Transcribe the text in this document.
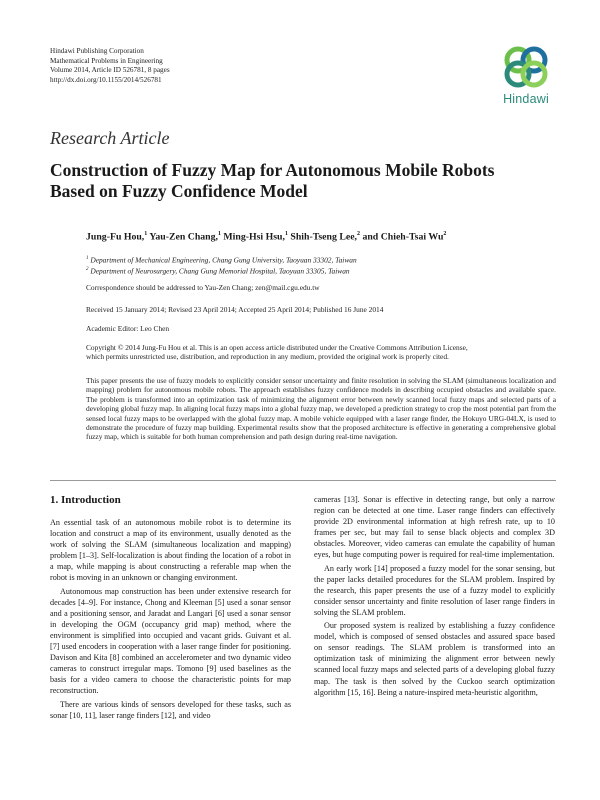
Hindawi Publishing Corporation
Mathematical Problems in Engineering
Volume 2014, Article ID 526781, 8 pages
http://dx.doi.org/10.1155/2014/526781
Hindawi
Research Article
Construction of Fuzzy Map for Autonomous Mobile Robots
Based on Fuzzy Confidence Model
Jung-Fu Hou,$^1$ Yau-Zen Chang,$^1$ Ming-Hsi Hsu,$^1$ Shih-Tseng Lee,$^2$ and Chieh-Tsai Wu$^2$
$^1$ Department of Mechanical Engineering, Chang Gung University, Taoyuan 33302, Taiwan
$^2$ Department of Neurosurgery, Chang Gung Memorial Hospital, Taoyuan 33305, Taiwan
Correspondence should be addressed to Yau-Zen Chang; zen@mail.cgu.edu.tw
Received 15 January 2014; Revised 23 April 2014; Accepted 25 April 2014; Published 16 June 2014
Academic Editor: Leo Chen
Copyright © 2014 Jung-Fu Hou et al. This is an open access article distributed under the Creative Commons Attribution License,
which permits unrestricted use, distribution, and reproduction in any medium, provided the original work is properly cited.
This paper presents the use of fuzzy models to explicitly consider sensor uncertainty and finite resolution in solving the SLAM (simultaneous localization and mapping) problem for autonomous mobile robots. The approach establishes fuzzy confidence models in describing occupied obstacles and available space. The problem is transformed into an optimization task of minimizing the alignment error between newly scanned local fuzzy maps and selected parts of a developing global fuzzy map. In aligning local fuzzy maps into a global fuzzy map, we developed a prediction strategy to crop the most potential part from the sensed local fuzzy maps to be overlapped with the global fuzzy map. A mobile vehicle equipped with a laser range finder, the Hokuyo URG-04LX, is used to demonstrate the procedure of fuzzy map building. Experimental results show that the proposed architecture is effective in generating a comprehensive global fuzzy map, which is suitable for both human comprehension and path design during real-time navigation.
1. Introduction

An essential task of an autonomous mobile robot is to determine its location and construct a map of its environment, usually denoted as the work of solving the SLAM (simultaneous localization and mapping) problem [1–3]. Self-localization is about finding the location of a robot in a map, while mapping is about constructing a referable map when the robot is moving in an unknown or changing environment.

Autonomous map construction has been under extensive research for decades [4–9]. For instance, Chong and Kleeman [5] used a sonar sensor and a positioning sensor, and Jaradat and Langari [6] used a sonar sensor in developing the OGM (occupancy grid map) method, where the environment is simplified into occupied and vacant grids. Guivant et al. [7] used encoders in cooperation with a laser range finder for positioning. Davison and Kita [8] combined an accelerometer and two dynamic video cameras to construct irregular maps. Tomono [9] used baselines as the basis for a video camera to choose the characteristic points for map reconstruction.

There are various kinds of sensors developed for these tasks, such as sonar [10, 11], laser range finders [12], and video

cameras [13]. Sonar is effective in detecting range, but only a narrow region can be detected at one time. Laser range finders can effectively provide 2D environmental information at high refresh rate, up to 10 frames per sec, but may fail to sense black objects and complex 3D obstacles. Moreover, video cameras can emulate the capability of human eyes, but huge computing power is required for real-time implementation.

An early work [14] proposed a fuzzy model for the sonar sensing, but the paper lacks detailed procedures for the SLAM problem. Inspired by the research, this paper presents the use of a fuzzy model to explicitly consider sensor uncertainty and finite resolution of laser range finders in solving the SLAM problem.

Our proposed system is realized by establishing a fuzzy confidence model, which is composed of sensed obstacles and assured space based on sensor readings. The SLAM problem is transformed into an optimization task of minimizing the alignment error between newly scanned local fuzzy maps and selected parts of a developing global fuzzy map. The task is then solved by the Cuckoo search optimization algorithm [15, 16]. Being a nature-inspired meta-heuristic algorithm,
